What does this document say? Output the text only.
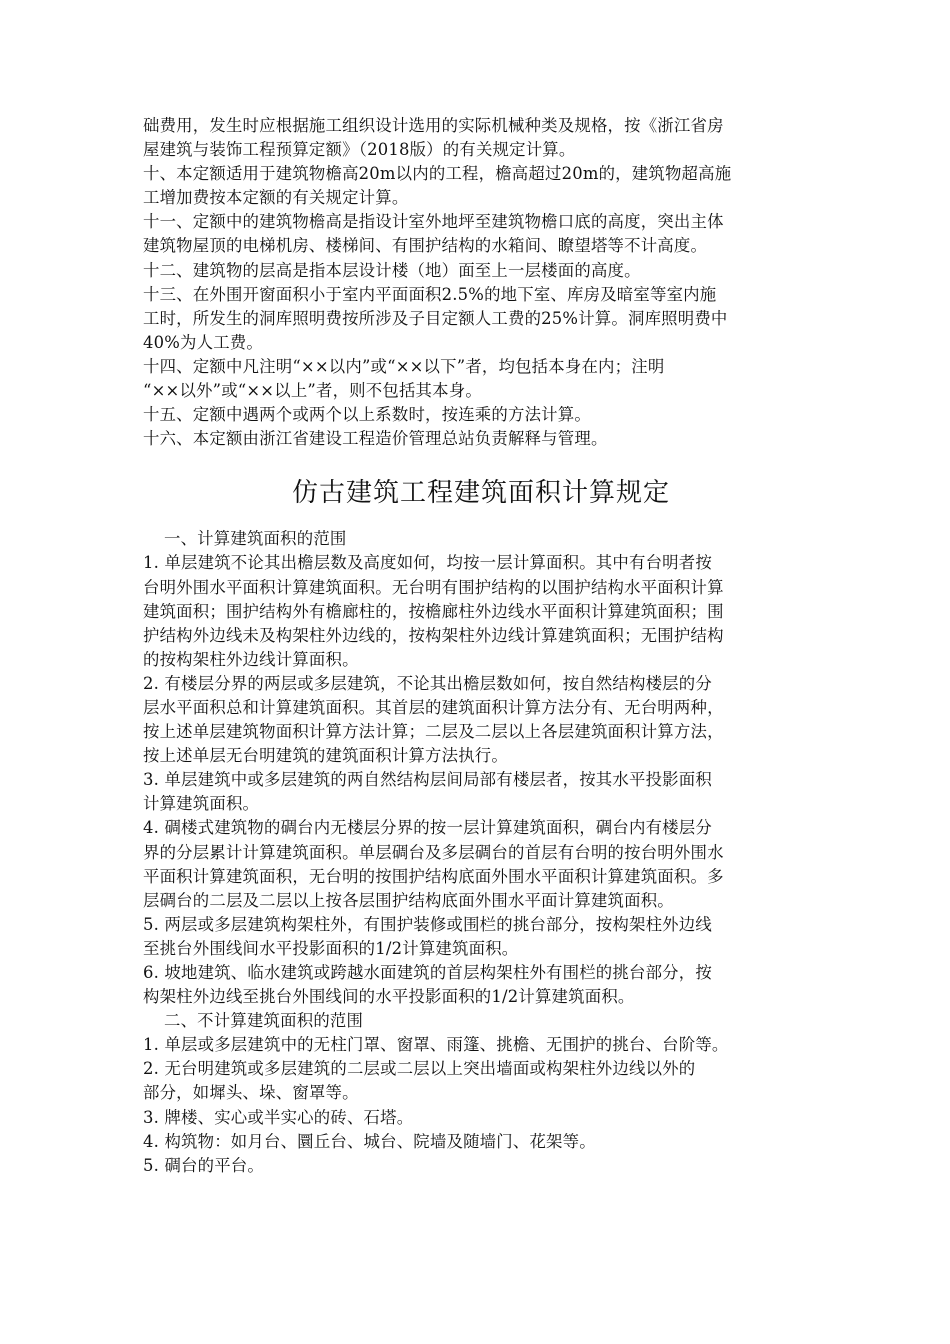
础费用，发生时应根据施工组织设计选用的实际机械种类及规格，按《浙江省房
屋建筑与装饰工程预算定额》（2018版）的有关规定计算。
十、本定额适用于建筑物檐高20m以内的工程，檐高超过20m的，建筑物超高施
工增加费按本定额的有关规定计算。
十一、定额中的建筑物檐高是指设计室外地坪至建筑物檐口底的高度，突出主体
建筑物屋顶的电梯机房、楼梯间、有围护结构的水箱间、瞭望塔等不计高度。
十二、建筑物的层高是指本层设计楼（地）面至上一层楼面的高度。
十三、在外围开窗面积小于室内平面面积2.5%的地下室、库房及暗室等室内施
工时，所发生的洞库照明费按所涉及子目定额人工费的25%计算。洞库照明费中
40%为人工费。
十四、定额中凡注明“××以内”或“××以下”者，均包括本身在内；注明
“××以外”或“××以上”者，则不包括其本身。
十五、定额中遇两个或两个以上系数时，按连乘的方法计算。
十六、本定额由浙江省建设工程造价管理总站负责解释与管理。
仿古建筑工程建筑面积计算规定
一、计算建筑面积的范围
1. 单层建筑不论其出檐层数及高度如何，均按一层计算面积。其中有台明者按
台明外围水平面积计算建筑面积。无台明有围护结构的以围护结构水平面积计算
建筑面积；围护结构外有檐廊柱的，按檐廊柱外边线水平面积计算建筑面积；围
护结构外边线未及构架柱外边线的，按构架柱外边线计算建筑面积；无围护结构
的按构架柱外边线计算面积。
2. 有楼层分界的两层或多层建筑，不论其出檐层数如何，按自然结构楼层的分
层水平面积总和计算建筑面积。其首层的建筑面积计算方法分有、无台明两种，
按上述单层建筑物面积计算方法计算；二层及二层以上各层建筑面积计算方法，
按上述单层无台明建筑的建筑面积计算方法执行。
3. 单层建筑中或多层建筑的两自然结构层间局部有楼层者，按其水平投影面积
计算建筑面积。
4. 碉楼式建筑物的碉台内无楼层分界的按一层计算建筑面积，碉台内有楼层分
界的分层累计计算建筑面积。单层碉台及多层碉台的首层有台明的按台明外围水
平面积计算建筑面积，无台明的按围护结构底面外围水平面积计算建筑面积。多
层碉台的二层及二层以上按各层围护结构底面外围水平面计算建筑面积。
5. 两层或多层建筑构架柱外，有围护装修或围栏的挑台部分，按构架柱外边线
至挑台外围线间水平投影面积的1/2计算建筑面积。
6. 坡地建筑、临水建筑或跨越水面建筑的首层构架柱外有围栏的挑台部分，按
构架柱外边线至挑台外围线间的水平投影面积的1/2计算建筑面积。
二、不计算建筑面积的范围
1. 单层或多层建筑中的无柱门罩、窗罩、雨篷、挑檐、无围护的挑台、台阶等。
2. 无台明建筑或多层建筑的二层或二层以上突出墙面或构架柱外边线以外的
部分，如墀头、垛、窗罩等。
3. 牌楼、实心或半实心的砖、石塔。
4. 构筑物：如月台、圜丘台、城台、院墙及随墙门、花架等。
5. 碉台的平台。
